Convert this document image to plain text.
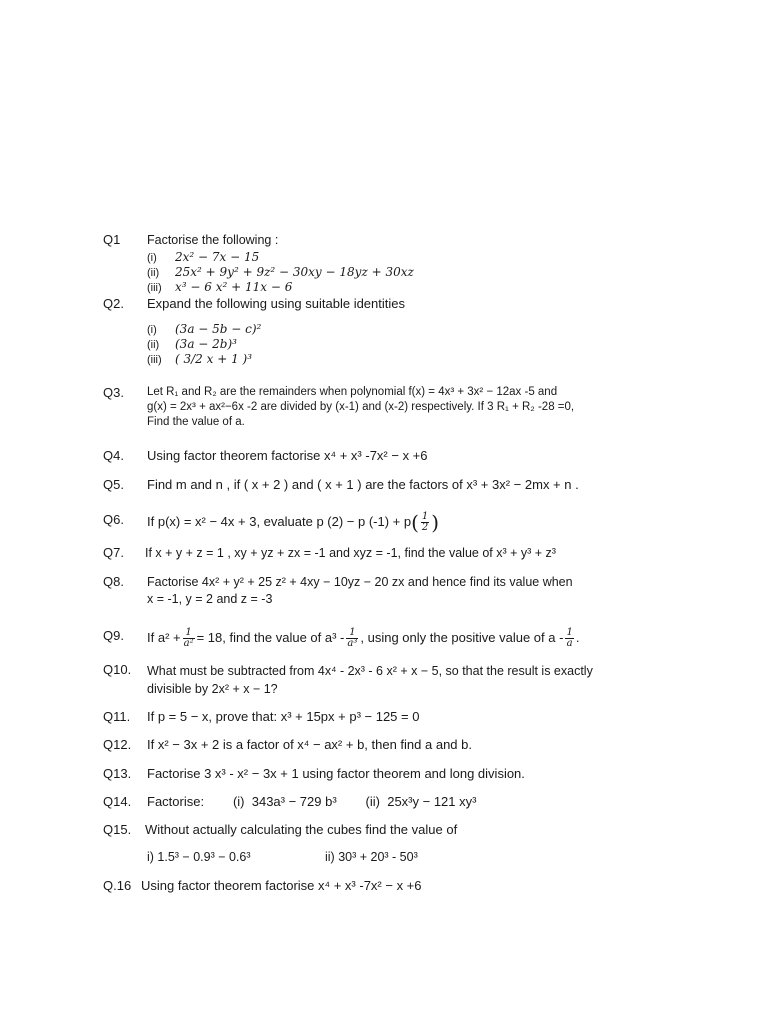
Q1 Factorise the following :
(i) 2x² − 7x − 15
(ii) 25x² + 9y² + 9z² − 30xy − 18yz + 30xz
(iii) x³ − 6 x² + 11x − 6
Q2. Expand the following using suitable identities
(i) (3a − 5b − c)²
(ii) (3a − 2b)³
(iii) ( 3/2 x + 1 )³
Q3. Let R₁ and R₂ are the remainders when polynomial f(x) = 4x³ + 3x² − 12ax -5 and
g(x) = 2x³ + ax²−6x -2 are divided by (x-1) and (x-2) respectively. If 3 R₁ + R₂ -28 =0,
Find the value of a.
Q4. Using factor theorem factorise x⁴ + x³ -7x² − x +6
Q5. Find m and n , if ( x + 2 ) and ( x + 1 ) are the factors of x³ + 3x² − 2mx + n .
Q6. If p(x) = x² − 4x + 3, evaluate p (2) − p $(-1) + p( \frac{1}{2}$ )
Q7. If x + y + z = 1 , xy + yz + zx = -1 and xyz = -1, find the value of x³ + y³ + z³
Q8. Factorise 4x² + y² + 25 z² + 4xy − 10yz − 20 zx and hence find its value when
x = -1, y = 2 and z = -3
Q9. If $a^2 + \frac{1}{\text{a²}} = 18$, find the value of $a^3 - \frac{1}{\text{a³}}$ , using only the positive value of a - $\frac{1}{a}$ .
Q10. What must be subtracted from 4x⁴ - 2x³ - 6 x² + x − 5, so that the result is exactly
divisible by 2x² + x − 1?
Q11. If p = 5 − x, prove that: x³ + 15px + p³ − 125 = 0
Q12. If x² − 3x + 2 is a factor of x⁴ − ax² + b, then find a and b.
Q13. Factorise 3 x³ - x² − 3x + 1 using factor theorem and long division.
Q14. Factorise:        (i)  343a³ − 729 b³        (ii)  25x³y − 121 xy³
Q15. Without actually calculating the cubes find the value of
i) 1.5³ − 0.9³ − 0.6³	ii) 30³ + 20³ - 50³
Q.16 Using factor theorem factorise x⁴ + x³ -7x² − x +6
